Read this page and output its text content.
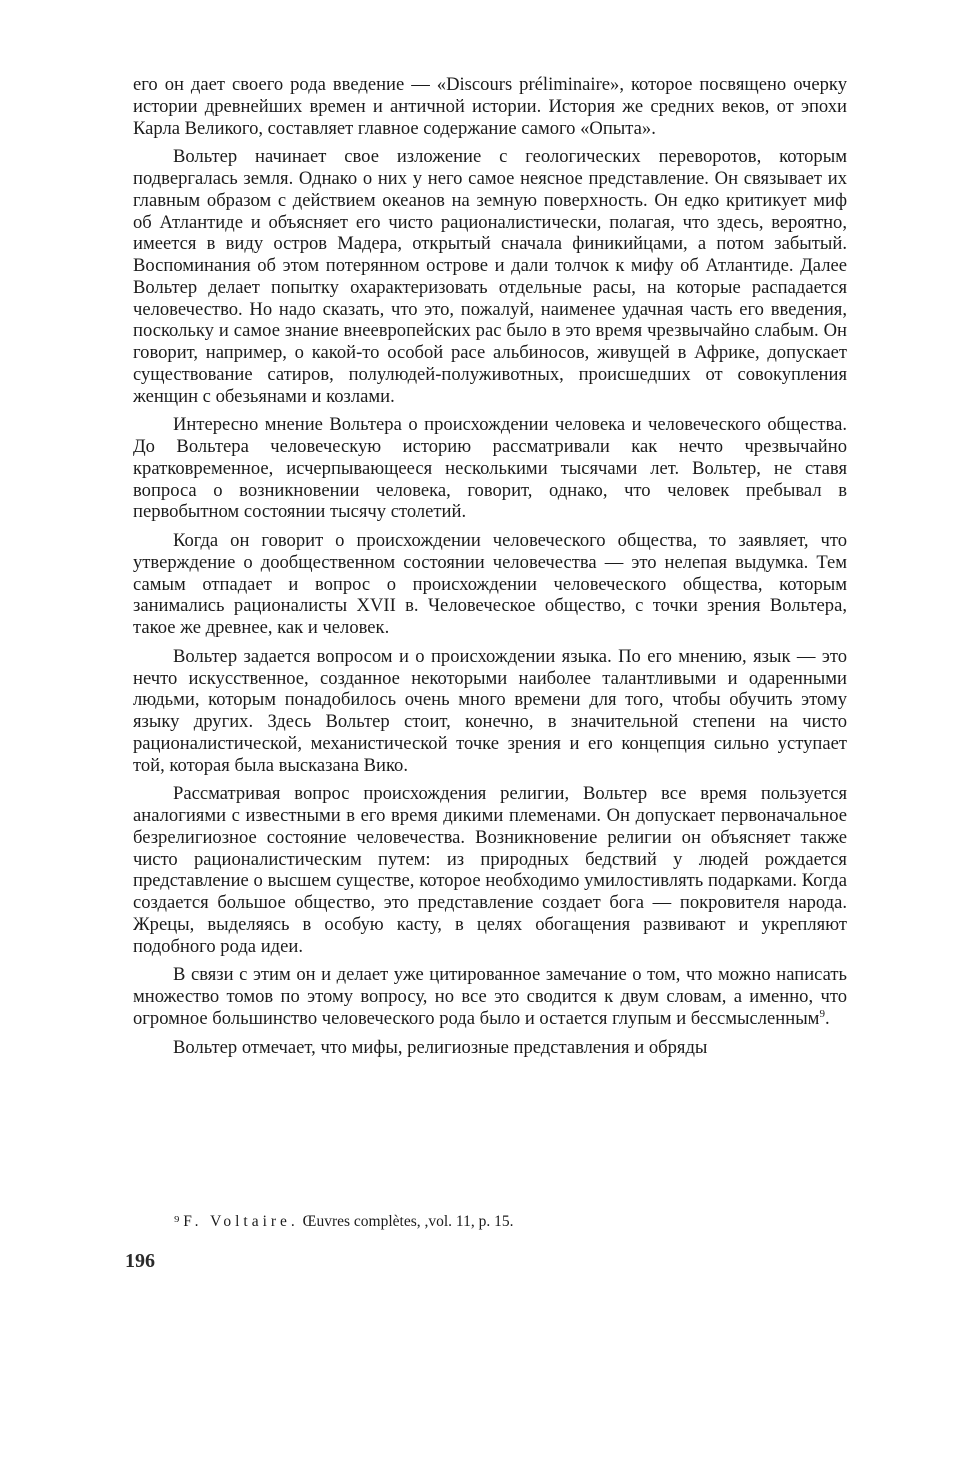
его он дает своего рода введение — «Discours préliminaire», которое посвящено очерку истории древнейших времен и античной истории. История же средних веков, от эпохи Карла Великого, составляет главное содержание самого «Опыта».

Вольтер начинает свое изложение с геологических переворотов, которым подвергалась земля. Однако о них у него самое неясное представление. Он связывает их главным образом с действием океанов на земную поверхность. Он едко критикует миф об Атлантиде и объясняет его чисто рационалистически, полагая, что здесь, вероятно, имеется в виду остров Мадера, открытый сначала финикийцами, а потом забытый. Воспоминания об этом потерянном острове и дали толчок к мифу об Атлантиде. Далее Вольтер делает попытку охарактеризовать отдельные расы, на которые распадается человечество. Но надо сказать, что это, пожалуй, наименее удачная часть его введения, поскольку и самое знание внеевропейских рас было в это время чрезвычайно слабым. Он говорит, например, о какой-то особой расе альбиносов, живущей в Африке, допускает существование сатиров, полулюдей-полуживотных, происшедших от совокупления женщин с обезьянами и козлами.

Интересно мнение Вольтера о происхождении человека и человеческого общества. До Вольтера человеческую историю рассматривали как нечто чрезвычайно кратковременное, исчерпывающееся несколькими тысячами лет. Вольтер, не ставя вопроса о возникновении человека, говорит, однако, что человек пребывал в первобытном состоянии тысячу столетий.

Когда он говорит о происхождении человеческого общества, то заявляет, что утверждение о дообщественном состоянии человечества — это нелепая выдумка. Тем самым отпадает и вопрос о происхождении человеческого общества, которым занимались рационалисты XVII в. Человеческое общество, с точки зрения Вольтера, такое же древнее, как и человек.

Вольтер задается вопросом и о происхождении языка. По его мнению, язык — это нечто искусственное, созданное некоторыми наиболее талантливыми и одаренными людьми, которым понадобилось очень много времени для того, чтобы обучить этому языку других. Здесь Вольтер стоит, конечно, в значительной степени на чисто рационалистической, механистической точке зрения и его концепция сильно уступает той, которая была высказана Вико.

Рассматривая вопрос происхождения религии, Вольтер все время пользуется аналогиями с известными в его время дикими племенами. Он допускает первоначальное безрелигиозное состояние человечества. Возникновение религии он объясняет также чисто рационалистическим путем: из природных бедствий у людей рождается представление о высшем существе, которое необходимо умилостивлять подарками. Когда создается большое общество, это представление создает бога — покровителя народа. Жрецы, выделяясь в особую касту, в целях обогащения развивают и укрепляют подобного рода идеи.

В связи с этим он и делает уже цитированное замечание о том, что можно написать множество томов по этому вопросу, но все это сводится к двум словам, а именно, что огромное большинство человеческого рода было и остается глупым и бессмысленным$^9$.

Вольтер отмечает, что мифы, религиозные представления и обряды

⁹ F. Voltaire. Œuvres complètes, ,vol. 11, p. 15.
196
